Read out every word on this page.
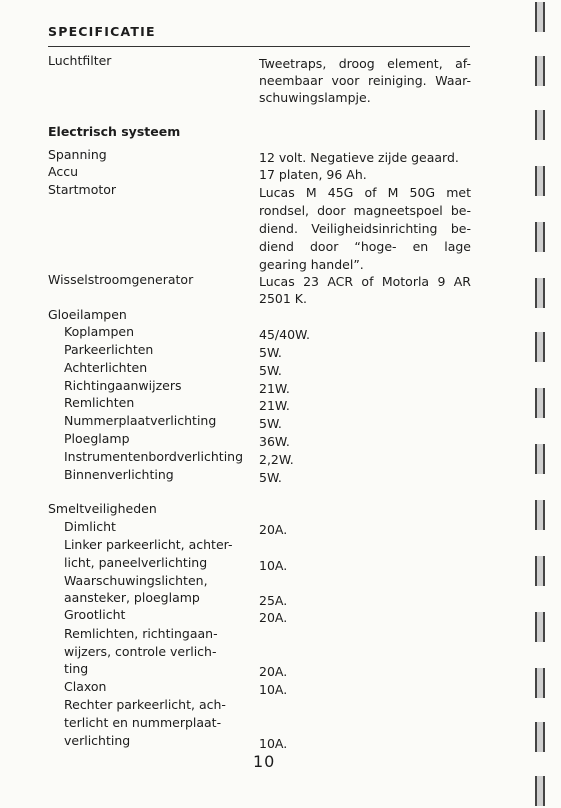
SPECIFICATIE
Luchtfilter	Tweetraps, droog element, af-
neembaar voor reiniging. Waar-
schuwingslampje.
Electrisch systeem
Spanning	12 volt. Negatieve zijde geaard.
Accu	17 platen, 96 Ah.
Startmotor	Lucas M 45G of M 50G met
rondsel, door magneetspoel be-
diend. Veiligheidsinrichting be-
diend door “hoge- en lage
gearing handel”.
Wisselstroomgenerator	Lucas 23 ACR of Motorla 9 AR
2501 K.
Gloeilampen
Koplampen	45/40W.
Parkeerlichten	5W.
Achterlichten	5W.
Richtingaanwijzers	21W.
Remlichten	21W.
Nummerplaatverlichting	5W.
Ploeglamp	36W.
Instrumentenbordverlichting	2,2W.
Binnenverlichting	5W.
Smeltveiligheden
Dimlicht	20A.
Linker parkeerlicht, achter-
licht, paneelverlichting	10A.
Waarschuwingslichten,
aansteker, ploeglamp	25A.
Grootlicht	20A.
Remlichten, richtingaan-
wijzers, controle verlich-
ting	20A.
Claxon	10A.
Rechter parkeerlicht, ach-
terlicht en nummerplaat-
verlichting	10A.
10
